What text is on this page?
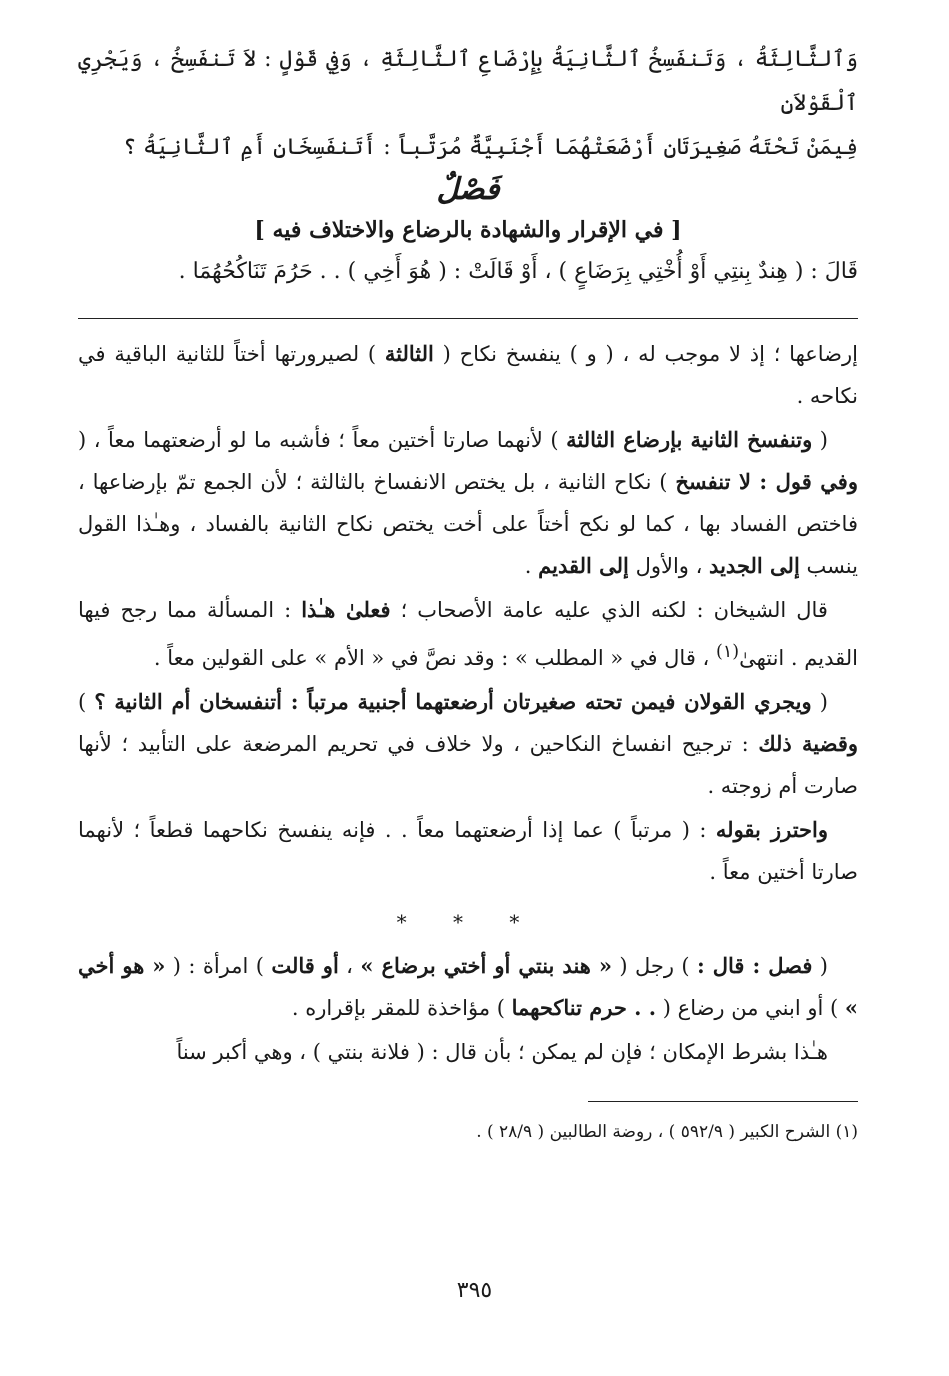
وَٱلثَّالِثَةُ ، وَتَنفَسِخُ ٱلثَّانِيَةُ بِإِرْضَاعِ ٱلثَّالِثَةِ ، وَفِي قَوْلٍ : لاَ تَنفَسِخُ ، وَيَجْرِي ٱلْقَوْلاَنِ

فِيمَنْ تَحْتَهُ صَغِيرَتَانِ أَرْضَعَتْهُمَا أَجْنَبِيَّةٌ مُرَتَّباً : أَتَنفَسِخَانِ أَمِ ٱلثَّانِيَةُ ؟

فَصْلٌ

[ في الإقرار والشهادة بالرضاع والاختلاف فيه ]

قَالَ : ( هِندٌ بِنتِي أَوْ أُخْتِي بِرَضَاعٍ ) ، أَوْ قَالَتْ : ( هُوَ أَخِي ) . . حَرُمَ تَنَاكُحُهُمَا .

إرضاعها ؛ إذ لا موجب له ، ( و ) ينفسخ نكاح ( الثالثة ) لصيرورتها أختاً للثانية الباقية في نكاحه .

( وتنفسخ الثانية بإرضاع الثالثة ) لأنهما صارتا أختين معاً ؛ فأشبه ما لو أرضعتهما معاً ، ( وفي قول : لا تنفسخ ) نكاح الثانية ، بل يختص الانفساخ بالثالثة ؛ لأن الجمع تمّ بإرضاعها ، فاختص الفساد بها ، كما لو نكح أختاً على أخت يختص نكاح الثانية بالفساد ، وهـٰذا القول ينسب إلى الجديد ، والأول إلى القديم .

قال الشيخان : لكنه الذي عليه عامة الأصحاب ؛ فعلىٰ هـٰذا : المسألة مما رجح فيها القديم . انتهىٰ$^{(١)}$ ، قال في « المطلب » : وقد نصَّ في « الأم » على القولين معاً .

( ويجري القولان فيمن تحته صغيرتان أرضعتهما أجنبية مرتباً : أتنفسخان أم الثانية ؟ ) وقضية ذلك : ترجيح انفساخ النكاحين ، ولا خلاف في تحريم المرضعة على التأبيد ؛ لأنها صارت أم زوجته .

واحترز بقوله : ( مرتباً ) عما إذا أرضعتهما معاً . . فإنه ينفسخ نكاحهما قطعاً ؛ لأنهما صارتا أختين معاً .

* * *

( فصل : قال : ) رجل ( « هند بنتي أو أختي برضاع » ، أو قالت ) امرأة : ( « هو أخي » ) أو ابني من رضاع ( . . حرم تناكحهما ) مؤاخذة للمقر بإقراره .

هـٰذا بشرط الإمكان ؛ فإن لم يمكن ؛ بأن قال : ( فلانة بنتي ) ، وهي أكبر سناً

(١) الشرح الكبير ( ٥٩٢/٩ ) ، روضة الطالبين ( ٢٨/٩ ) .

٣٩٥
